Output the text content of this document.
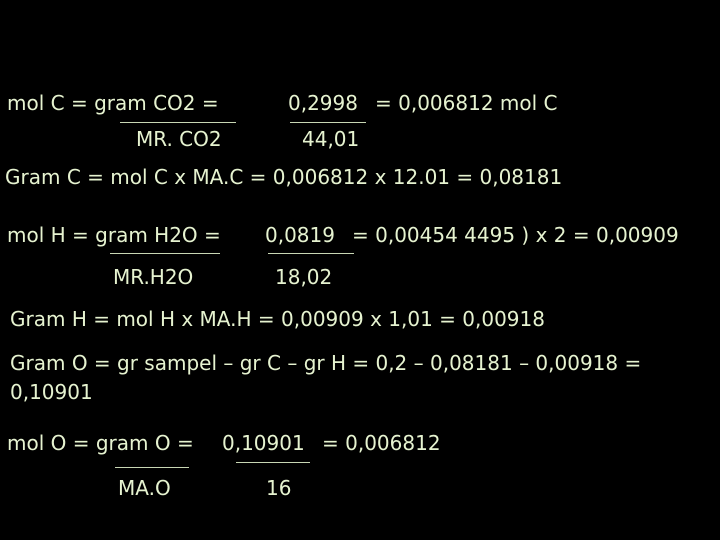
mol C = gram CO2 =	0,2998 = 0,006812 mol C
MR. CO2	44,01
Gram C = mol C x MA.C = 0,006812 x 12.01 = 0,08181
mol H = gram H2O = 0,0819 = 0,00454 4495 ) x 2 = 0,00909
MR.H2O	18,02
Gram H = mol H x MA.H = 0,00909 x 1,01 = 0,00918
Gram O = gr sampel – gr C – gr H = 0,2 – 0,08181 – 0,00918 =
0,10901
mol O = gram O = 0,10901 = 0,006812
MA.O	16
